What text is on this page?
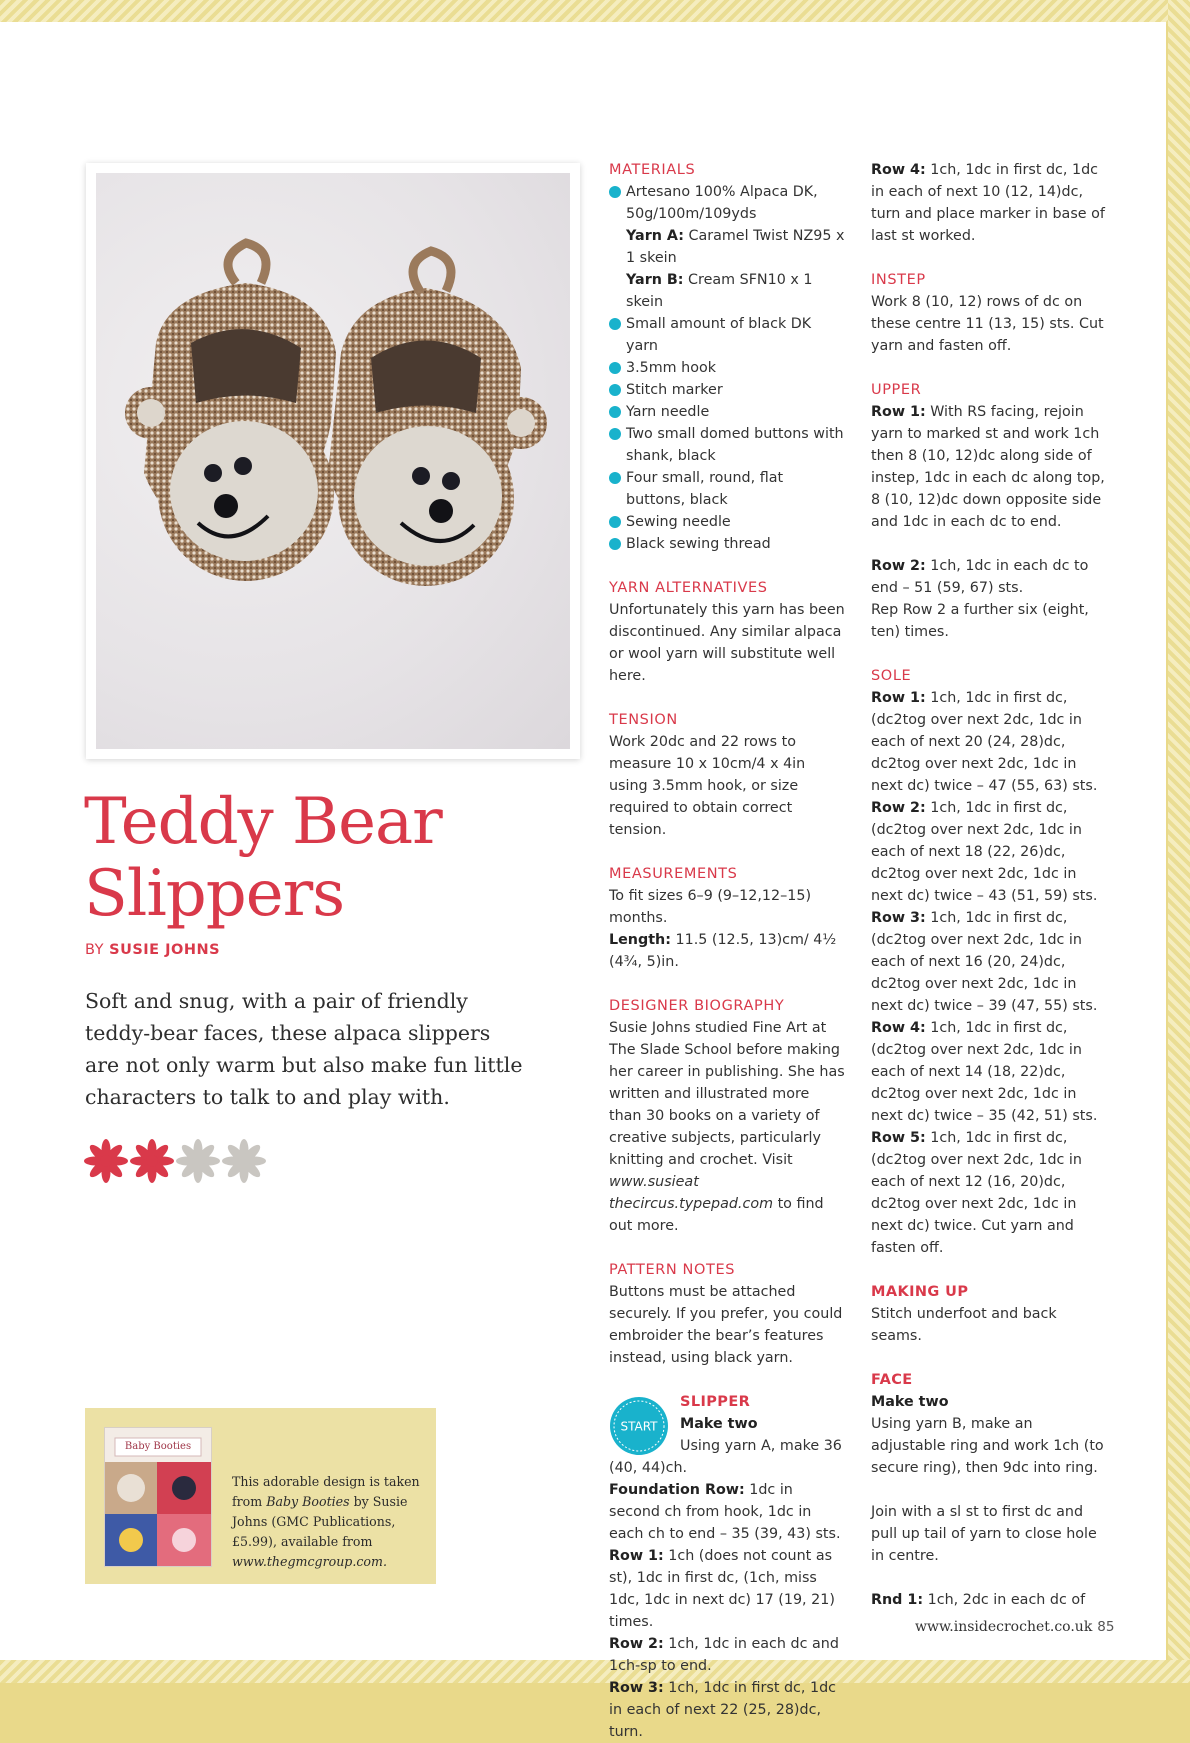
Teddy Bear
Slippers
BY SUSIE JOHNS
Soft and snug, with a pair of friendly teddy-bear faces, these alpaca slippers are not only warm but also make fun little characters to talk to and play with.
Baby Booties
This adorable design is taken from Baby Booties by Susie Johns (GMC Publications, £5.99), available from www.thegmcgroup.com.

MATERIALS

Artesano 100% Alpaca DK, 50g/100m/109yds
Yarn A: Caramel Twist NZ95 x 1 skein
Yarn B: Cream SFN10 x 1 skein
Small amount of black DK yarn
3.5mm hook
Stitch marker
Yarn needle
Two small domed buttons with shank, black
Four small, round, flat buttons, black
Sewing needle
Black sewing thread

YARN ALTERNATIVES

Unfortunately this yarn has been discontinued. Any similar alpaca or wool yarn will substitute well here.

TENSION

Work 20dc and 22 rows to measure 10 x 10cm/4 x 4in using 3.5mm hook, or size required to obtain correct tension.

MEASUREMENTS

To fit sizes 6–9 (9–12,12–15) months.

Length: 11.5 (12.5, 13)cm/ 4½ (4¾, 5)in.

DESIGNER BIOGRAPHY

Susie Johns studied Fine Art at The Slade School before making her career in publishing. She has written and illustrated more than 30 books on a variety of creative subjects, particularly knitting and crochet. Visit www.susieat thecircus.typepad.com to find out more.

PATTERN NOTES

Buttons must be attached securely. If you prefer, you could embroider the bear’s features instead, using black yarn.

START
SLIPPER
Make two

Using yarn A, make 36 (40, 44)ch.

Foundation Row: 1dc in second ch from hook, 1dc in each ch to end – 35 (39, 43) sts.

Row 1: 1ch (does not count as st), 1dc in first dc, (1ch, miss 1dc, 1dc in next dc) 17 (19, 21) times.

Row 2: 1ch, 1dc in each dc and 1ch-sp to end.

Row 3: 1ch, 1dc in first dc, 1dc in each of next 22 (25, 28)dc, turn.

Row 4: 1ch, 1dc in first dc, 1dc in each of next 10 (12, 14)dc, turn and place marker in base of last st worked.

INSTEP

Work 8 (10, 12) rows of dc on these centre 11 (13, 15) sts. Cut yarn and fasten off.

UPPER

Row 1: With RS facing, rejoin yarn to marked st and work 1ch then 8 (10, 12)dc along side of instep, 1dc in each dc along top, 8 (10, 12)dc down opposite side and 1dc in each dc to end.

Row 2: 1ch, 1dc in each dc to end – 51 (59, 67) sts.

Rep Row 2 a further six (eight, ten) times.

SOLE

Row 1: 1ch, 1dc in first dc, (dc2tog over next 2dc, 1dc in each of next 20 (24, 28)dc, dc2tog over next 2dc, 1dc in next dc) twice – 47 (55, 63) sts.

Row 2: 1ch, 1dc in first dc, (dc2tog over next 2dc, 1dc in each of next 18 (22, 26)dc, dc2tog over next 2dc, 1dc in next dc) twice – 43 (51, 59) sts.

Row 3: 1ch, 1dc in first dc, (dc2tog over next 2dc, 1dc in each of next 16 (20, 24)dc, dc2tog over next 2dc, 1dc in next dc) twice – 39 (47, 55) sts.

Row 4: 1ch, 1dc in first dc, (dc2tog over next 2dc, 1dc in each of next 14 (18, 22)dc, dc2tog over next 2dc, 1dc in next dc) twice – 35 (42, 51) sts.

Row 5: 1ch, 1dc in first dc, (dc2tog over next 2dc, 1dc in each of next 12 (16, 20)dc, dc2tog over next 2dc, 1dc in next dc) twice. Cut yarn and fasten off.

MAKING UP

Stitch underfoot and back seams.

FACE

Make two

Using yarn B, make an adjustable ring and work 1ch (to secure ring), then 9dc into ring.

Join with a sl st to first dc and pull up tail of yarn to close hole in centre.

Rnd 1: 1ch, 2dc in each dc of

www.insidecrochet.co.uk 85
